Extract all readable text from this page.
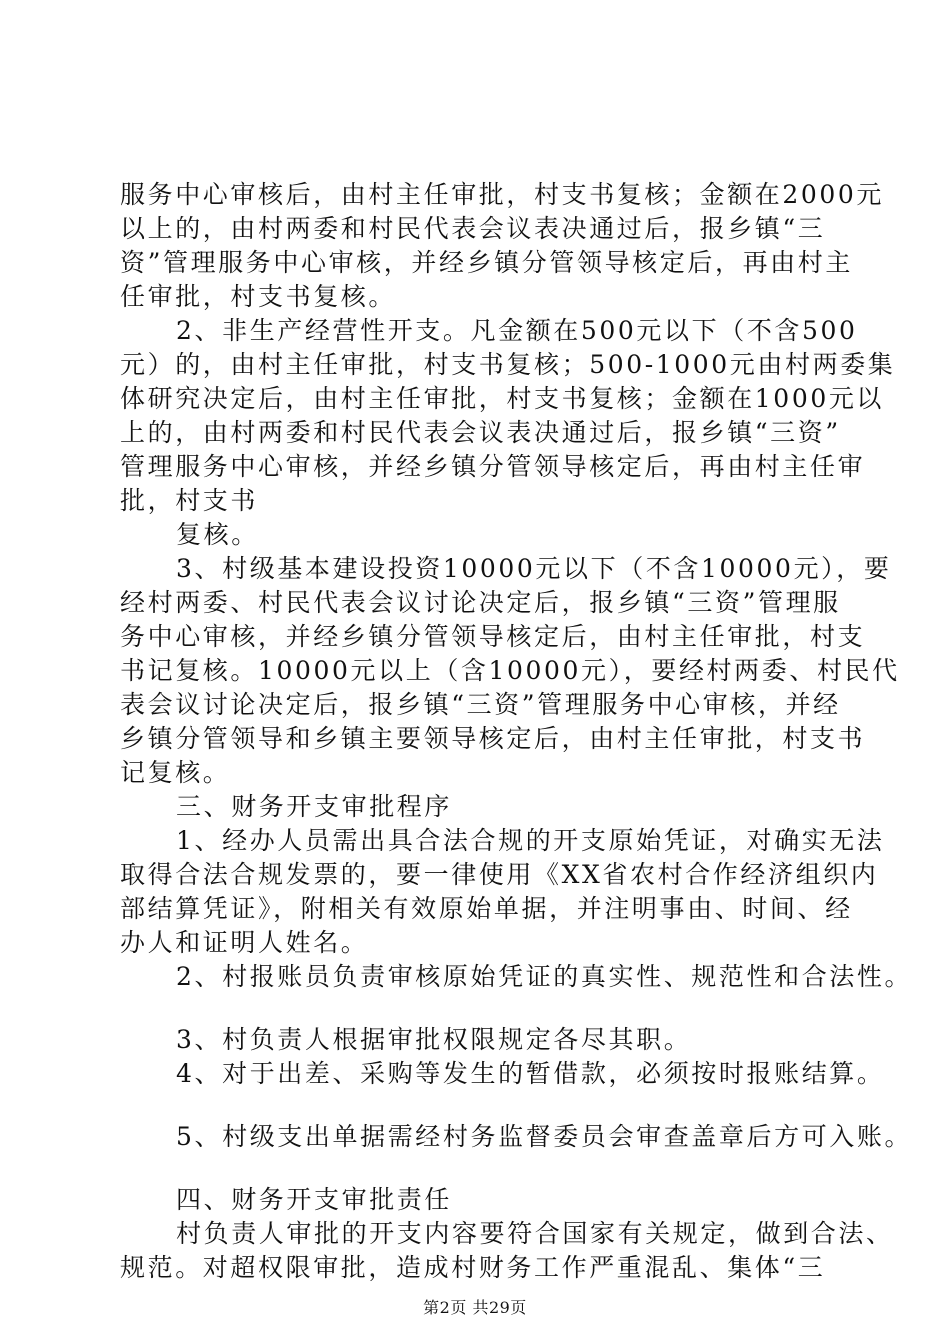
服务中心审核后，由村主任审批，村支书复核；金额在2000元
以上的，由村两委和村民代表会议表决通过后，报乡镇“三
资”管理服务中心审核，并经乡镇分管领导核定后，再由村主
任审批，村支书复核。
2、非生产经营性开支。凡金额在500元以下（不含500
元）的，由村主任审批，村支书复核；500-1000元由村两委集
体研究决定后，由村主任审批，村支书复核；金额在1000元以
上的，由村两委和村民代表会议表决通过后，报乡镇“三资”
管理服务中心审核，并经乡镇分管领导核定后，再由村主任审
批，村支书
复核。
3、村级基本建设投资10000元以下（不含10000元），要
经村两委、村民代表会议讨论决定后，报乡镇“三资”管理服
务中心审核，并经乡镇分管领导核定后，由村主任审批，村支
书记复核。10000元以上（含10000元），要经村两委、村民代
表会议讨论决定后，报乡镇“三资”管理服务中心审核，并经
乡镇分管领导和乡镇主要领导核定后，由村主任审批，村支书
记复核。
三、财务开支审批程序
1、经办人员需出具合法合规的开支原始凭证，对确实无法
取得合法合规发票的，要一律使用《XX省农村合作经济组织内
部结算凭证》，附相关有效原始单据，并注明事由、时间、经
办人和证明人姓名。
2、村报账员负责审核原始凭证的真实性、规范性和合法性。
3、村负责人根据审批权限规定各尽其职。
4、对于出差、采购等发生的暂借款，必须按时报账结算。
5、村级支出单据需经村务监督委员会审查盖章后方可入账。
四、财务开支审批责任
村负责人审批的开支内容要符合国家有关规定，做到合法、
规范。对超权限审批，造成村财务工作严重混乱、集体“三
第2页 共29页
